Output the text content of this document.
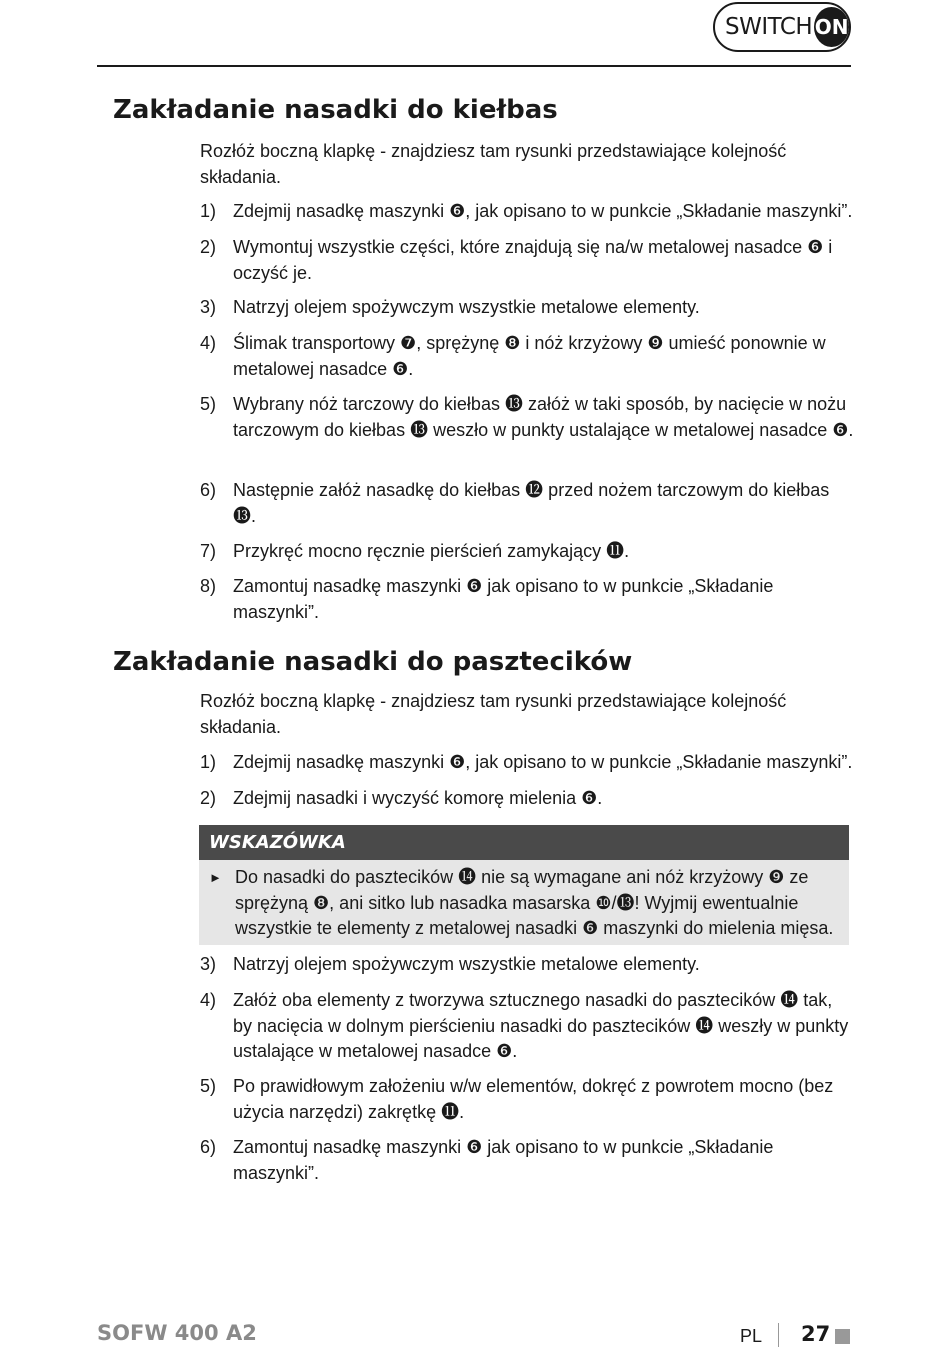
SWITCH ON
Zakładanie nasadki do kiełbas

Rozłóż boczną klapkę - znajdziesz tam rysunki przedstawiające kolejność składania.

1) Zdejmij nasadkę maszynki ❻, jak opisano to w punkcie „Składanie maszynki”.
2) Wymontuj wszystkie części, które znajdują się na/w metalowej nasadce ❻ i oczyść je.
3) Natrzyj olejem spożywczym wszystkie metalowe elementy.
4) Ślimak transportowy ❼, sprężynę ❽ i nóż krzyżowy ❾ umieść ponownie w metalowej nasadce ❻.
5) Wybrany nóż tarczowy do kiełbas ⓭ załóż w taki sposób, by nacięcie w nożu tarczowym do kiełbas ⓭ weszło w punkty ustalające w metalowej nasadce ❻.
6) Następnie załóż nasadkę do kiełbas ⓬ przed nożem tarczowym do kiełbas ⓭.
7) Przykręć mocno ręcznie pierścień zamykający ⓫.
8) Zamontuj nasadkę maszynki ❻ jak opisano to w punkcie „Składanie maszynki”.
Zakładanie nasadki do pasztecików

Rozłóż boczną klapkę - znajdziesz tam rysunki przedstawiające kolejność składania.

1) Zdejmij nasadkę maszynki ❻, jak opisano to w punkcie „Składanie maszynki”.
2) Zdejmij nasadki i wyczyść komorę mielenia ❻.
WSKAZÓWKA
► Do nasadki do pasztecików ⓮ nie są wymagane ani nóż krzyżowy ❾ ze sprężyną ❽, ani sitko lub nasadka masarska ❿/⓭! Wyjmij ewentualnie wszystkie te elementy z metalowej nasadki ❻ maszynki do mielenia mięsa.
3) Natrzyj olejem spożywczym wszystkie metalowe elementy.
4) Załóż oba elementy z tworzywa sztucznego nasadki do pasztecików ⓮ tak, by nacięcia w dolnym pierścieniu nasadki do pasztecików ⓮ weszły w punkty ustalające w metalowej nasadce ❻.
5) Po prawidłowym założeniu w/w elementów, dokręć z powrotem mocno (bez użycia narzędzi) zakrętkę ⓫.
6) Zamontuj nasadkę maszynki ❻ jak opisano to w punkcie „Składanie maszynki”.
SOFW 400 A2	PL 27
